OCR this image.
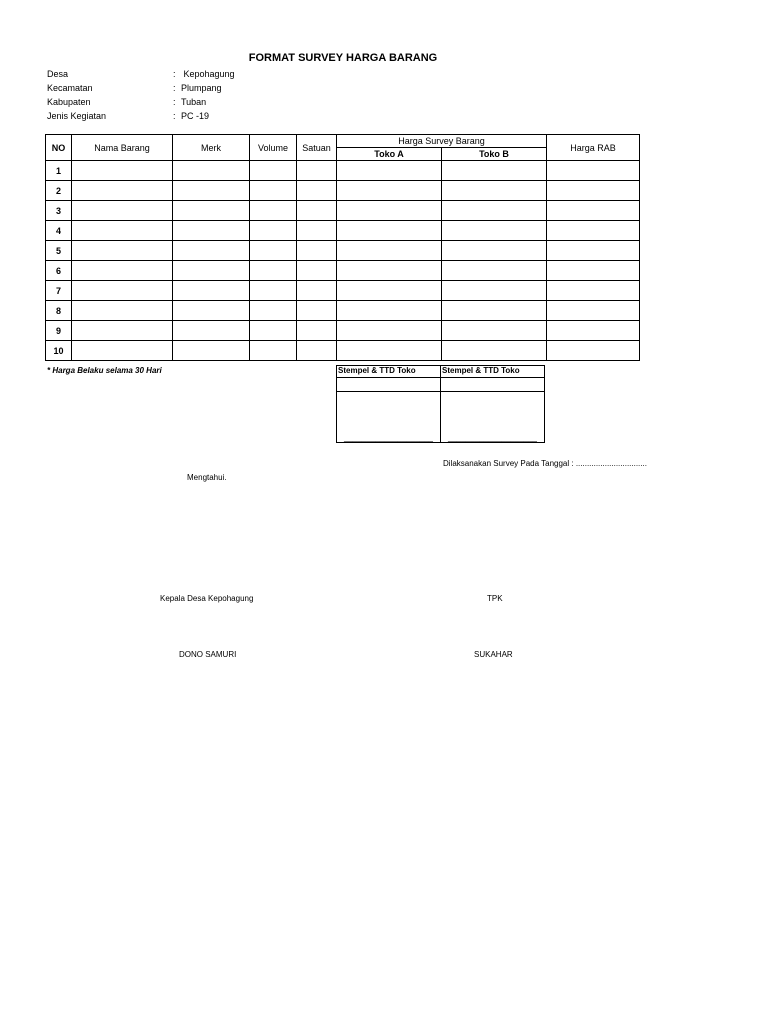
FORMAT SURVEY HARGA BARANG
Desa	: Kepohagung
Kecamatan	: Plumpang
Kabupaten	: Tuban
Jenis Kegiatan	: PC -19
NO	Nama Barang	Merk	Volume	Satuan	Harga Survey Barang		Harga RAB
					Toko A	Toko B	
1							
2							
3							
4							
5							
6							
7							
8							
9							
10							
* Harga Belaku selama 30 Hari	Stempel & TTD Toko	Stempel & TTD Toko

____________________	____________________
Dilaksanakan Survey Pada Tanggal : ................................
Mengtahui.
Kepala Desa Kepohagung	TPK
DONO SAMURI	SUKAHAR
